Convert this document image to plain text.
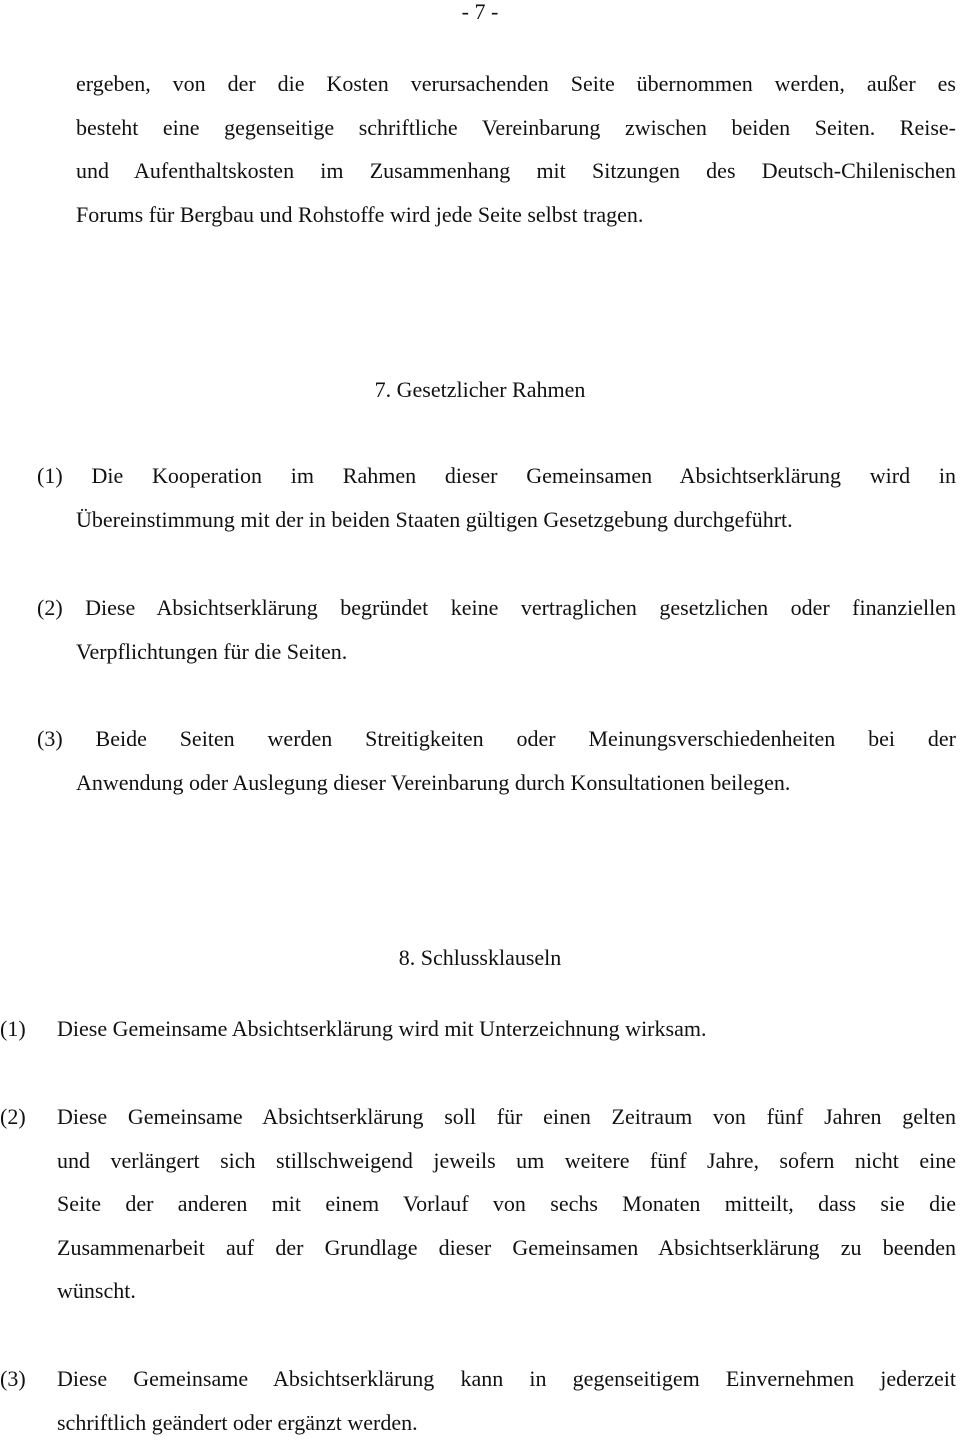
- 7 -
ergeben, von der die Kosten verursachenden Seite übernommen werden, außer es
besteht eine gegenseitige schriftliche Vereinbarung zwischen beiden Seiten. Reise-
und Aufenthaltskosten im Zusammenhang mit Sitzungen des Deutsch-Chilenischen
Forums für Bergbau und Rohstoffe wird jede Seite selbst tragen.
7. Gesetzlicher Rahmen
(1) Die Kooperation im Rahmen dieser Gemeinsamen Absichtserklärung wird in
Übereinstimmung mit der in beiden Staaten gültigen Gesetzgebung durchgeführt.
(2) Diese Absichtserklärung begründet keine vertraglichen gesetzlichen oder finanziellen
Verpflichtungen für die Seiten.
(3) Beide Seiten werden Streitigkeiten oder Meinungsverschiedenheiten bei der
Anwendung oder Auslegung dieser Vereinbarung durch Konsultationen beilegen.
8. Schlussklauseln
(1) Diese Gemeinsame Absichtserklärung wird mit Unterzeichnung wirksam.
(2) Diese Gemeinsame Absichtserklärung soll für einen Zeitraum von fünf Jahren gelten
und verlängert sich stillschweigend jeweils um weitere fünf Jahre, sofern nicht eine
Seite der anderen mit einem Vorlauf von sechs Monaten mitteilt, dass sie die
Zusammenarbeit auf der Grundlage dieser Gemeinsamen Absichtserklärung zu beenden
wünscht.
(3) Diese Gemeinsame Absichtserklärung kann in gegenseitigem Einvernehmen jederzeit
schriftlich geändert oder ergänzt werden.
